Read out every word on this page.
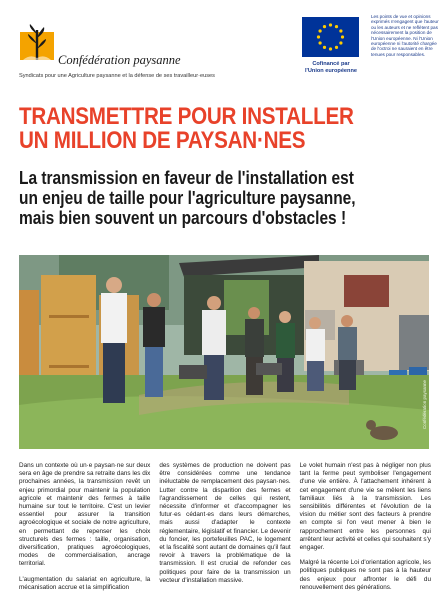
Confédération paysanne
Syndicats pour une Agriculture paysanne et la défense de ses travailleur·euses
Cofinancé par
l'Union européenne
Les points de vue et opinions exprimés n'engagent que l'auteur ou les auteurs et ne reflètent pas nécessairement la position de l'Union européenne. Ni l'Union européenne ni l'autorité chargée de l'octroi ne sauraient en être tenues pour responsables.
TRANSMETTRE POUR INSTALLER
UN MILLION DE PAYSAN·NES
La transmission en faveur de l'installation est
un enjeu de taille pour l'agriculture paysanne,
mais bien souvent un parcours d'obstacles !
Confédération paysanne

Dans un contexte où un·e paysan·ne sur deux sera en âge de prendre sa retraite dans les dix prochaines années, la transmission revêt un enjeu primordial pour maintenir la population agricole et maintenir des fermes à taille humaine sur tout le territoire. C'est un levier essentiel pour assurer la transition agroécologique et sociale de notre agriculture, en permettant de repenser les choix structurels des fermes : taille, organisation, diversification, pratiques agroécologiques, modes de commercialisation, ancrage territorial.

L'augmentation du salariat en agriculture, la mécanisation accrue et la simplification

des systèmes de production ne doivent pas être considérées comme une tendance inéluctable de remplacement des paysan·nes. Lutter contre la disparition des fermes et l'agrandissement de celles qui restent, nécessite d'informer et d'accompagner les futur·es cédant·es dans leurs démarches, mais aussi d'adapter le contexte réglementaire, législatif et financier. Le devenir du foncier, les portefeuilles PAC, le logement et la fiscalité sont autant de domaines qu'il faut revoir à travers la problématique de la transmission. Il est crucial de refonder ces politiques pour faire de la transmission un vecteur d'installation massive.

Le volet humain n'est pas à négliger non plus tant la ferme peut symboliser l'engagement d'une vie entière. À l'attachement inhérent à cet engagement d'une vie se mêlent les liens familiaux liés à la transmission. Les sensibilités différentes et l'évolution de la vision du métier sont des facteurs à prendre en compte si l'on veut mener à bien le rapprochement entre les personnes qui arrêtent leur activité et celles qui souhaitent s'y engager.

Malgré la récente Loi d'orientation agricole, les politiques publiques ne sont pas à la hauteur des enjeux pour affronter le défi du renouvellement des générations.
